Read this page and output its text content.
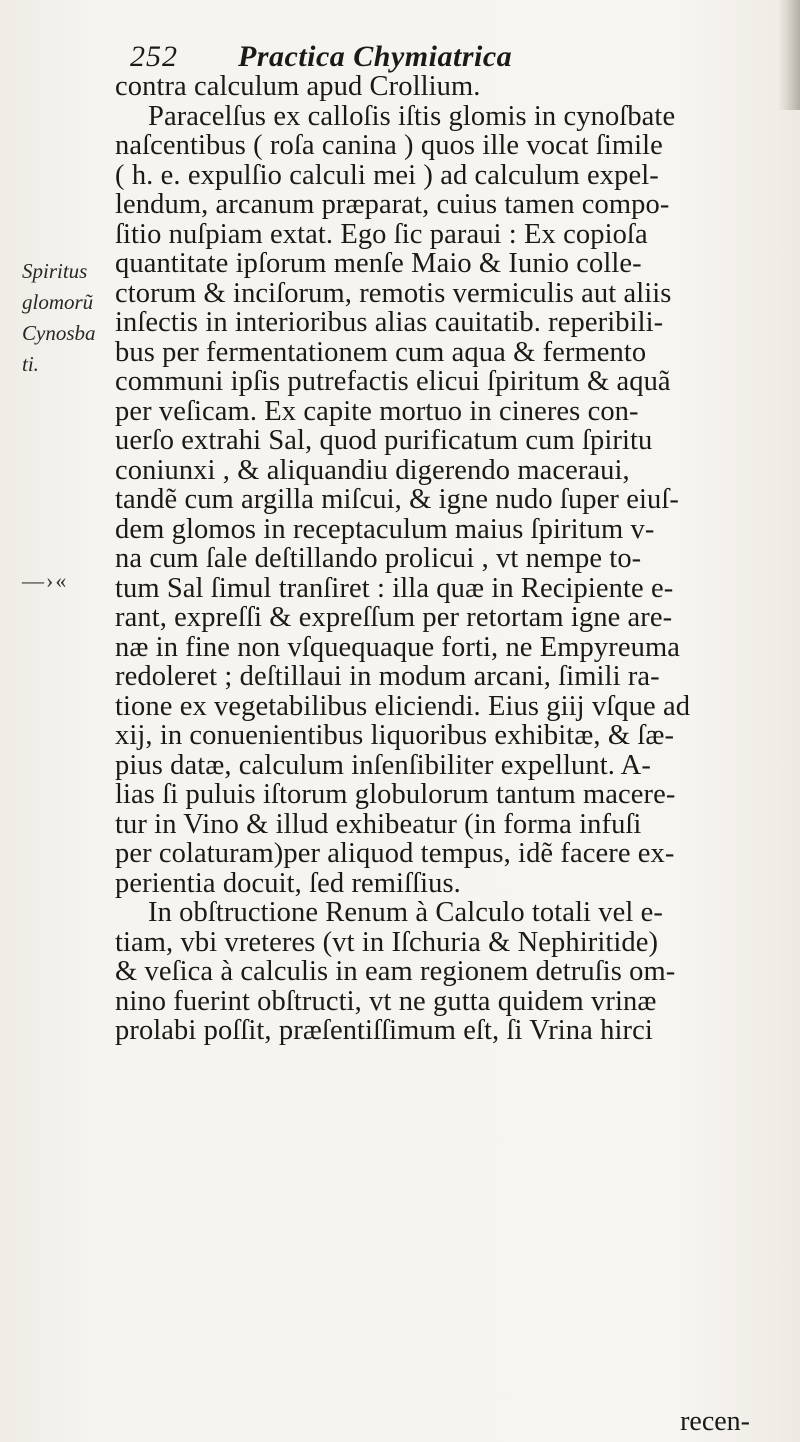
252 Practica Chymiatrica
Spiritus
glomorũ
Cynosba
ti.
—›«
contra calculum apud Crollium.
Paracelſus ex calloſis iſtis glomis in cynoſbate
naſcentibus ( roſa canina ) quos ille vocat ſimile
( h. e. expulſio calculi mei ) ad calculum expel-
lendum, arcanum præparat, cuius tamen compo-
ſitio nuſpiam extat. Ego ſic paraui : Ex copioſa
quantitate ipſorum menſe Maio & Iunio colle-
ctorum & inciſorum, remotis vermiculis aut aliis
inſectis in interioribus alias cauitatib. reperibili-
bus per fermentationem cum aqua & fermento
communi ipſis putrefactis elicui ſpiritum & aquã
per veſicam. Ex capite mortuo in cineres con-
uerſo extrahi Sal, quod purificatum cum ſpiritu
coniunxi , & aliquandiu digerendo maceraui,
tandẽ cum argilla miſcui, & igne nudo ſuper eiuſ-
dem glomos in receptaculum maius ſpiritum v-
na cum ſale deſtillando prolicui , vt nempe to-
tum Sal ſimul tranſiret : illa quæ in Recipiente e-
rant, expreſſi & expreſſum per retortam igne are-
næ in fine non vſquequaque forti, ne Empyreuma
redoleret ; deſtillaui in modum arcani, ſimili ra-
tione ex vegetabilibus eliciendi. Eius giij vſque ad
xij, in conuenientibus liquoribus exhibitæ, & ſæ-
pius datæ, calculum inſenſibiliter expellunt. A-
lias ſi puluis iſtorum globulorum tantum macere-
tur in Vino & illud exhibeatur (in forma infuſi
per colaturam)per aliquod tempus, idẽ facere ex-
perientia docuit, ſed remiſſius.
In obſtructione Renum à Calculo totali vel e-
tiam, vbi vreteres (vt in Iſchuria & Nephiritide)
& veſica à calculis in eam regionem detruſis om-
nino fuerint obſtructi, vt ne gutta quidem vrinæ
prolabi poſſit, præſentiſſimum eſt, ſi Vrina hirci
recen-
